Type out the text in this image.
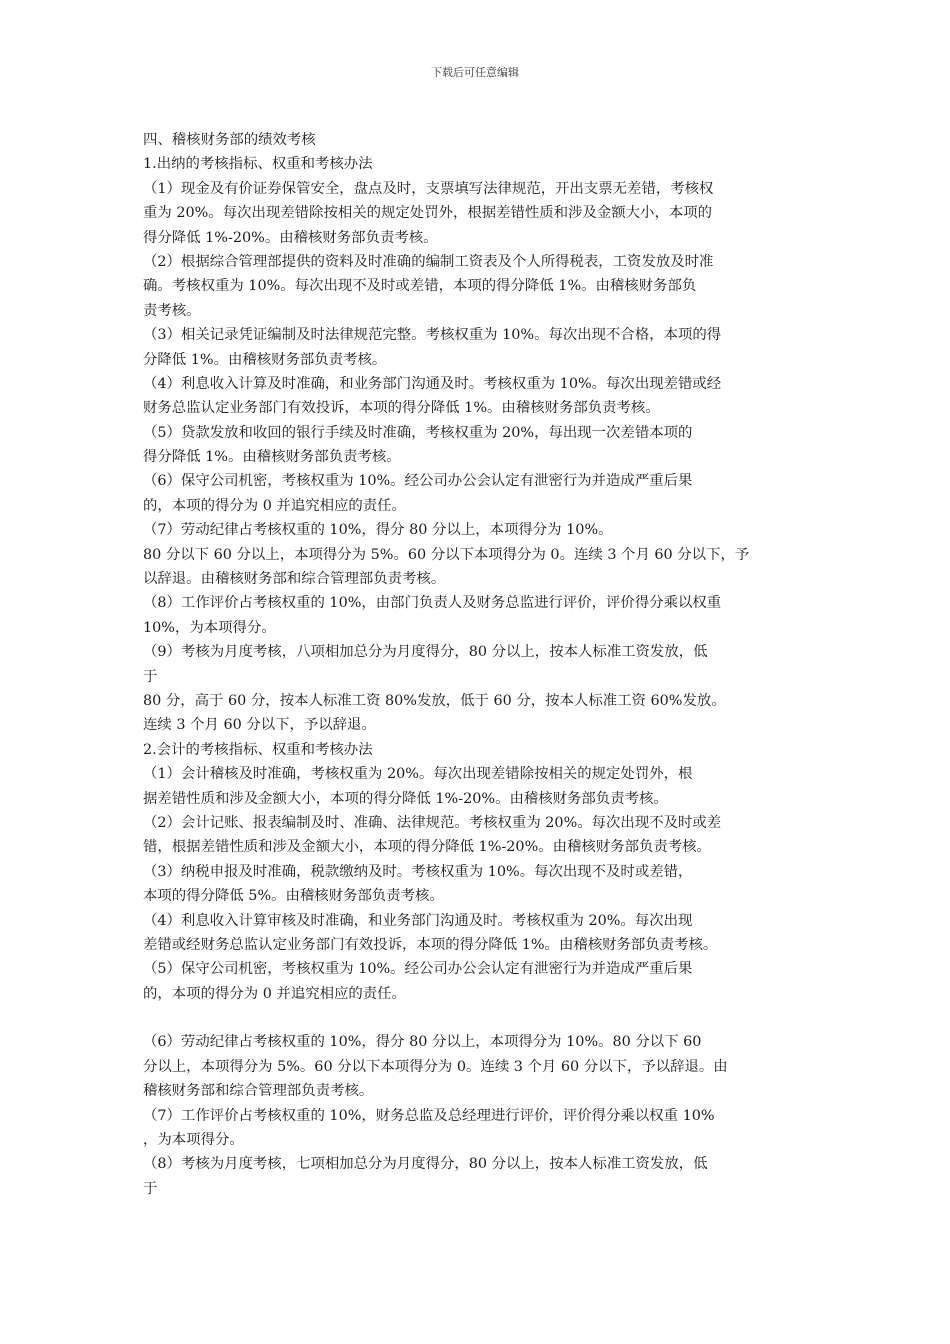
下载后可任意编辑
四、稽核财务部的绩效考核
1.出纳的考核指标、权重和考核办法
（1）现金及有价证券保管安全，盘点及时，支票填写法律规范，开出支票无差错，考核权
重为 20%。每次出现差错除按相关的规定处罚外，根据差错性质和涉及金额大小，本项的
得分降低 1%-20%。由稽核财务部负责考核。
（2）根据综合管理部提供的资料及时准确的编制工资表及个人所得税表，工资发放及时准
确。考核权重为 10%。每次出现不及时或差错，本项的得分降低 1%。由稽核财务部负
责考核。
（3）相关记录凭证编制及时法律规范完整。考核权重为 10%。每次出现不合格，本项的得
分降低 1%。由稽核财务部负责考核。
（4）利息收入计算及时准确，和业务部门沟通及时。考核权重为 10%。每次出现差错或经
财务总监认定业务部门有效投诉，本项的得分降低 1%。由稽核财务部负责考核。
（5）贷款发放和收回的银行手续及时准确，考核权重为 20%，每出现一次差错本项的
得分降低 1%。由稽核财务部负责考核。
（6）保守公司机密，考核权重为 10%。经公司办公会认定有泄密行为并造成严重后果
的，本项的得分为 0 并追究相应的责任。
（7）劳动纪律占考核权重的 10%，得分 80 分以上，本项得分为 10%。
80 分以下 60 分以上，本项得分为 5%。60 分以下本项得分为 0。连续 3 个月 60 分以下，予
以辞退。由稽核财务部和综合管理部负责考核。
（8）工作评价占考核权重的 10%，由部门负责人及财务总监进行评价，评价得分乘以权重
10%，为本项得分。
（9）考核为月度考核，八项相加总分为月度得分，80 分以上，按本人标准工资发放，低
于
80 分，高于 60 分，按本人标准工资 80%发放，低于 60 分，按本人标准工资 60%发放。
连续 3 个月 60 分以下，予以辞退。
2.会计的考核指标、权重和考核办法
（1）会计稽核及时准确，考核权重为 20%。每次出现差错除按相关的规定处罚外，根
据差错性质和涉及金额大小，本项的得分降低 1%-20%。由稽核财务部负责考核。
（2）会计记账、报表编制及时、准确、法律规范。考核权重为 20%。每次出现不及时或差
错，根据差错性质和涉及金额大小，本项的得分降低 1%-20%。由稽核财务部负责考核。
（3）纳税申报及时准确，税款缴纳及时。考核权重为 10%。每次出现不及时或差错，
本项的得分降低 5%。由稽核财务部负责考核。
（4）利息收入计算审核及时准确，和业务部门沟通及时。考核权重为 20%。每次出现
差错或经财务总监认定业务部门有效投诉，本项的得分降低 1%。由稽核财务部负责考核。
（5）保守公司机密，考核权重为 10%。经公司办公会认定有泄密行为并造成严重后果
的，本项的得分为 0 并追究相应的责任。
（6）劳动纪律占考核权重的 10%，得分 80 分以上，本项得分为 10%。80 分以下 60
分以上，本项得分为 5%。60 分以下本项得分为 0。连续 3 个月 60 分以下，予以辞退。由
稽核财务部和综合管理部负责考核。
（7）工作评价占考核权重的 10%，财务总监及总经理进行评价，评价得分乘以权重 10%
，为本项得分。
（8）考核为月度考核，七项相加总分为月度得分，80 分以上，按本人标准工资发放，低
于
